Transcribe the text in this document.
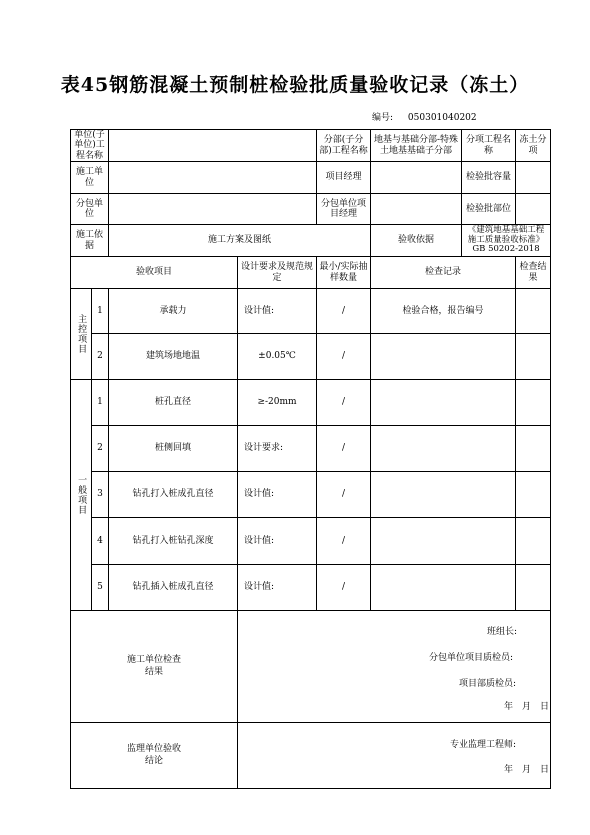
表45钢筋混凝土预制桩检验批质量验收记录（冻土）
编号: 050301040202
单位(子单位)工程名称				分部(子分部)工程名称	地基与基础分部-特殊土地基基础子分部	分项工程名称	冻土分项
施工单位				项目经理		检验批容量	
分包单位				分包单位项目经理		检验批部位	
施工依据		施工方案及图纸			验收依据	《建筑地基基础工程施工质量验收标准》GB 50202-2018	
验收项目			设计要求及规范规定	最小/实际抽样数量	检查记录		检查结果

主控项目	1	承载力	设计值:	/	检验合格，报告编号		
	2	建筑场地地温	±0.05℃	/			

一般项目	1	桩孔直径	≥-20mm	/			
	2	桩侧回填	设计要求:	/			
	3	钻孔打入桩成孔直径	设计值:	/			
	4	钻孔打入桩钻孔深度	设计值:	/			
	5	钻孔插入桩成孔直径	设计值:	/			

施工单位检查结果			班组长:
分包单位项目质检员:
项目部质检员:
年　月　日				

监理单位验收结论			专业监理工程师:
年　月　日				
